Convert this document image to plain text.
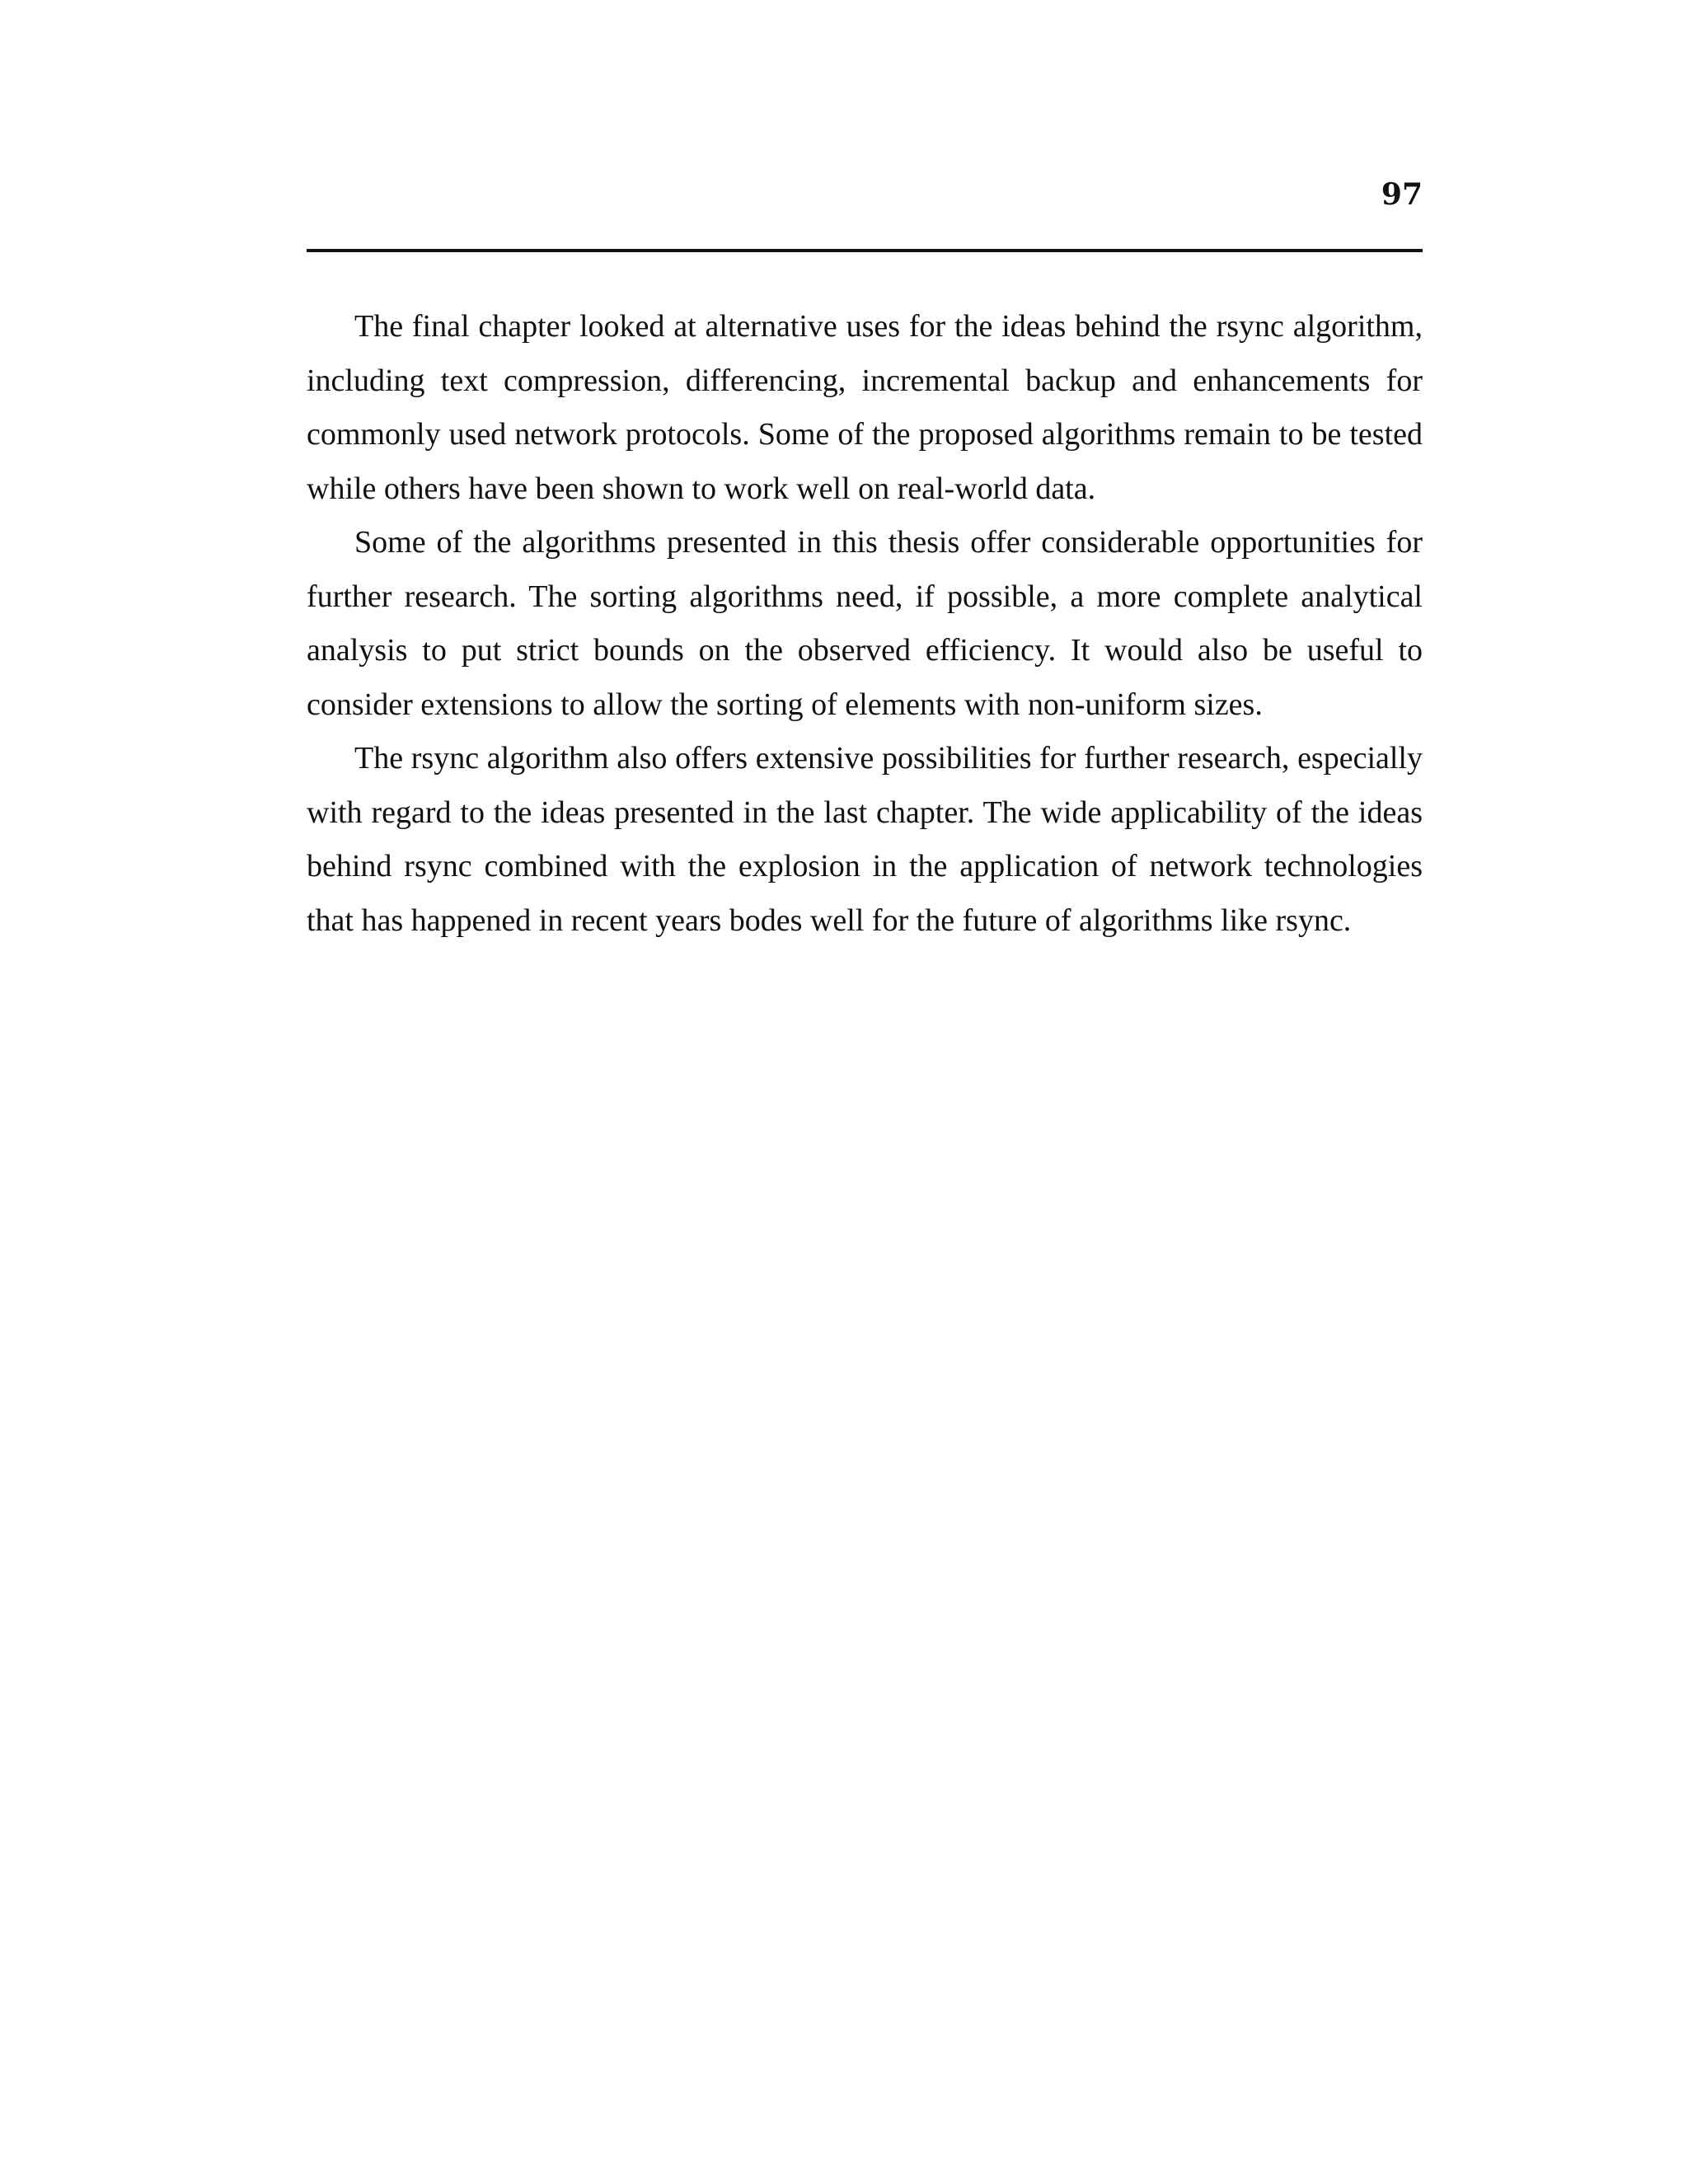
97

The final chapter looked at alternative uses for the ideas behind the rsync algorithm, including text compression, differencing, incremental backup and enhancements for commonly used network protocols. Some of the proposed algorithms remain to be tested while others have been shown to work well on real-world data.

Some of the algorithms presented in this thesis offer considerable opportunities for further research. The sorting algorithms need, if possible, a more complete analytical analysis to put strict bounds on the observed efficiency. It would also be useful to consider extensions to allow the sorting of elements with non-uniform sizes.

The rsync algorithm also offers extensive possibilities for further research, especially with regard to the ideas presented in the last chapter. The wide applicability of the ideas behind rsync combined with the explosion in the application of network technologies that has happened in recent years bodes well for the future of algorithms like rsync.
